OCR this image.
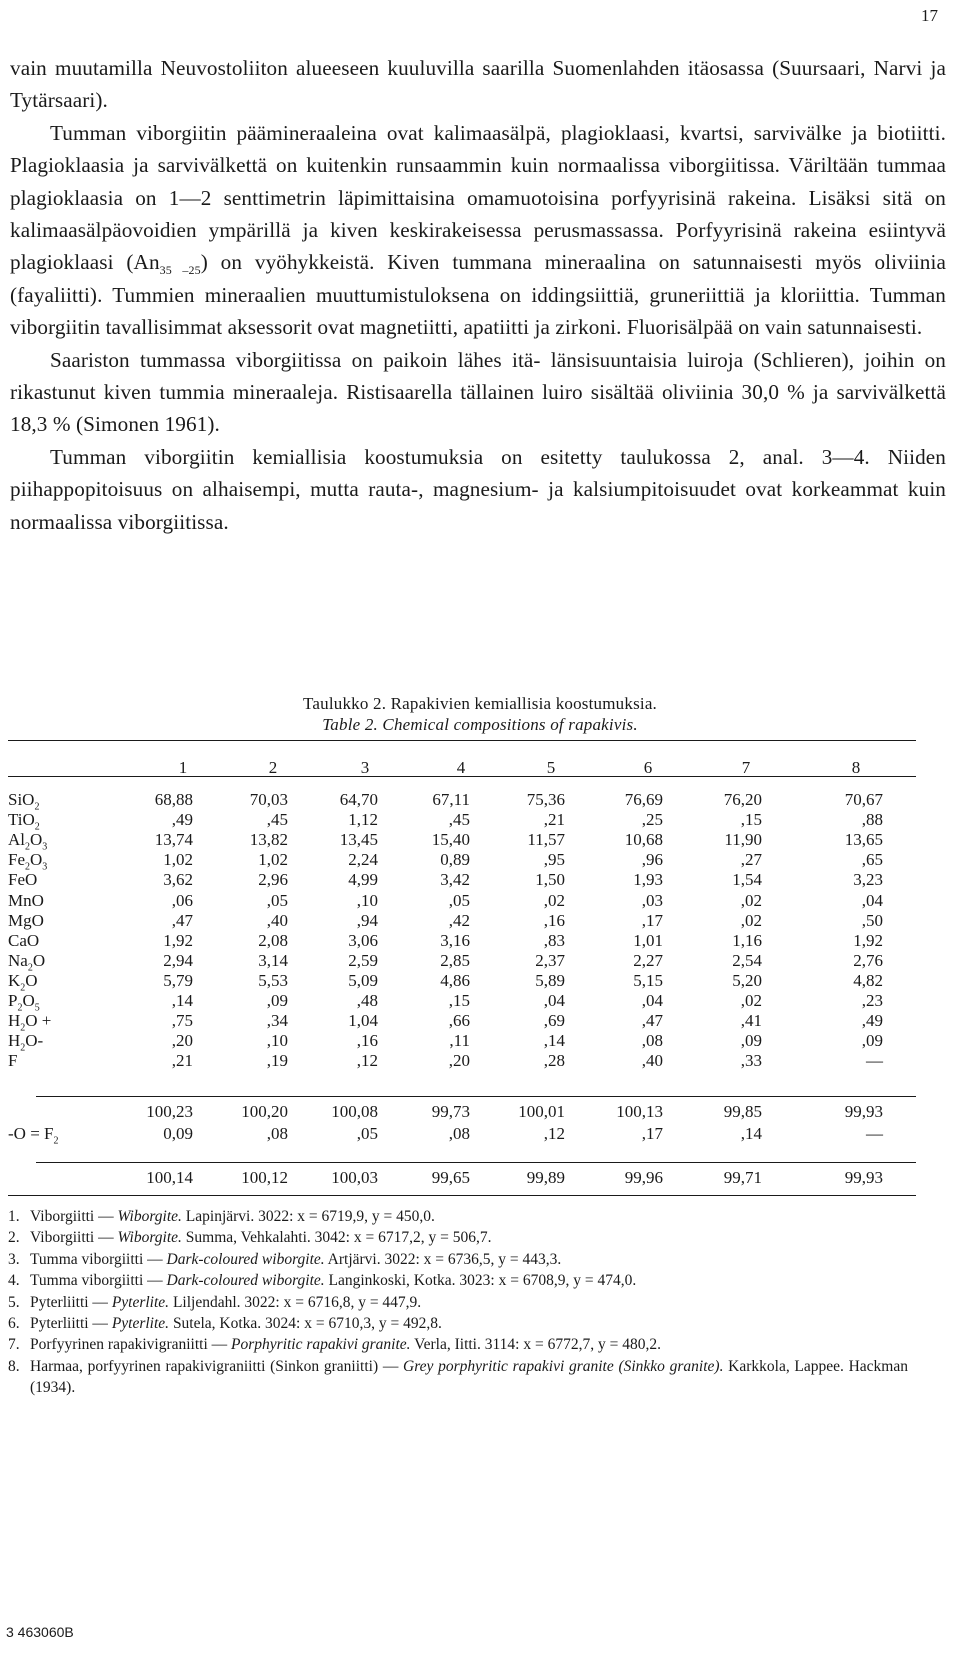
17

vain muutamilla Neuvostoliiton alueeseen kuuluvilla saarilla Suomenlahden itäosassa (Suursaari, Narvi ja Tytärsaari).

Tumman viborgiitin päämineraaleina ovat kalimaasälpä, plagioklaasi, kvartsi, sarvivälke ja biotiitti. Plagioklaasia ja sarvivälkettä on kuitenkin runsaammin kuin normaalissa viborgiitissa. Väriltään tummaa plagioklaasia on 1—2 senttimetrin läpimittaisina omamuotoisina porfyyrisinä rakeina. Lisäksi sitä on kalimaasälpäovoidien ympärillä ja kiven keskirakeisessa perusmassassa. Porfyyrisinä rakeina esiintyvä plagioklaasi $(An_{35 -25})$ on vyöhykkeistä. Kiven tummana mineraalina on satunnaisesti myös oliviinia (fayaliitti). Tummien mineraalien muuttumistuloksena on iddingsiittiä, gruneriittiä ja kloriittia. Tumman viborgiitin tavallisimmat aksessorit ovat magnetiitti, apatiitti ja zirkoni. Fluorisälpää on vain satunnaisesti.

Saariston tummassa viborgiitissa on paikoin lähes itä- länsisuuntaisia luiroja (Schlieren), joihin on rikastunut kiven tummia mineraaleja. Ristisaarella tällainen luiro sisältää oliviinia 30,0 % ja sarvivälkettä 18,3 % (Simonen 1961).

Tumman viborgiitin kemiallisia koostumuksia on esitetty taulukossa 2, anal. 3—4. Niiden piihappopitoisuus on alhaisempi, mutta rauta-, magnesium- ja kalsiumpitoisuudet ovat korkeammat kuin normaalissa viborgiitissa.

Taulukko 2. Rapakivien kemiallisia koostumuksia.

Table 2. Chemical compositions of rapakivis.

1	2	3	4	5	6	7	8
SiO$_2$	68,88	70,03	64,70	67,11	75,36	76,69	76,20	70,67
TiO$_2$	,49	,45	1,12	,45	,21	,25	,15	,88
$Al_2O_3$	13,74	13,82	13,45	15,40	11,57	10,68	11,90	13,65
$Fe_2O_3$	1,02	1,02	2,24	0,89	,95	,96	,27	,65
FeO	3,62	2,96	4,99	3,42	1,50	1,93	1,54	3,23
MnO	,06	,05	,10	,05	,02	,03	,02	,04
MgO	,47	,40	,94	,42	,16	,17	,02	,50
CaO	1,92	2,08	3,06	3,16	,83	1,01	1,16	1,92
$Na_2O$	2,94	3,14	2,59	2,85	2,37	2,27	2,54	2,76
$K_2O$	5,79	5,53	5,09	4,86	5,89	5,15	5,20	4,82
$P_2O_5$	,14	,09	,48	,15	,04	,04	,02	,23
$H_2O$ +	,75	,34	1,04	,66	,69	,47	,41	,49
$H_2O-$	,20	,10	,16	,11	,14	,08	,09	,09
F	,21	,19	,12	,20	,28	,40	,33	—
100,23	100,20	100,08	99,73	100,01	100,13	99,85	99,93
$-O = F_2$	0,09	,08	,05	,08	,12	,17	,14	—
100,14	100,12	100,03	99,65	99,89	99,96	99,71	99,93

1. Viborgiitti — Wiborgite. Lapinjärvi. 3022: x = 6719,9, y = 450,0.

2. Viborgiitti — Wiborgite. Summa, Vehkalahti. 3042: x = 6717,2, y = 506,7.

3. Tumma viborgiitti — Dark-coloured wiborgite. Artjärvi. 3022: x = 6736,5, y = 443,3.

4. Tumma viborgiitti — Dark-coloured wiborgite. Langinkoski, Kotka. 3023: x = 6708,9, y = 474,0.

5. Pyterliitti — Pyterlite. Liljendahl. 3022: x = 6716,8, y = 447,9.

6. Pyterliitti — Pyterlite. Sutela, Kotka. 3024: x = 6710,3, y = 492,8.

7. Porfyyrinen rapakivigraniitti — Porphyritic rapakivi granite. Verla, Iitti. 3114: x = 6772,7, y = 480,2.

8. Harmaa, porfyyrinen rapakivigraniitti (Sinkon graniitti) — Grey porphyritic rapakivi granite (Sinkko granite). Karkkola, Lappee. Hackman (1934).

3 463060B
